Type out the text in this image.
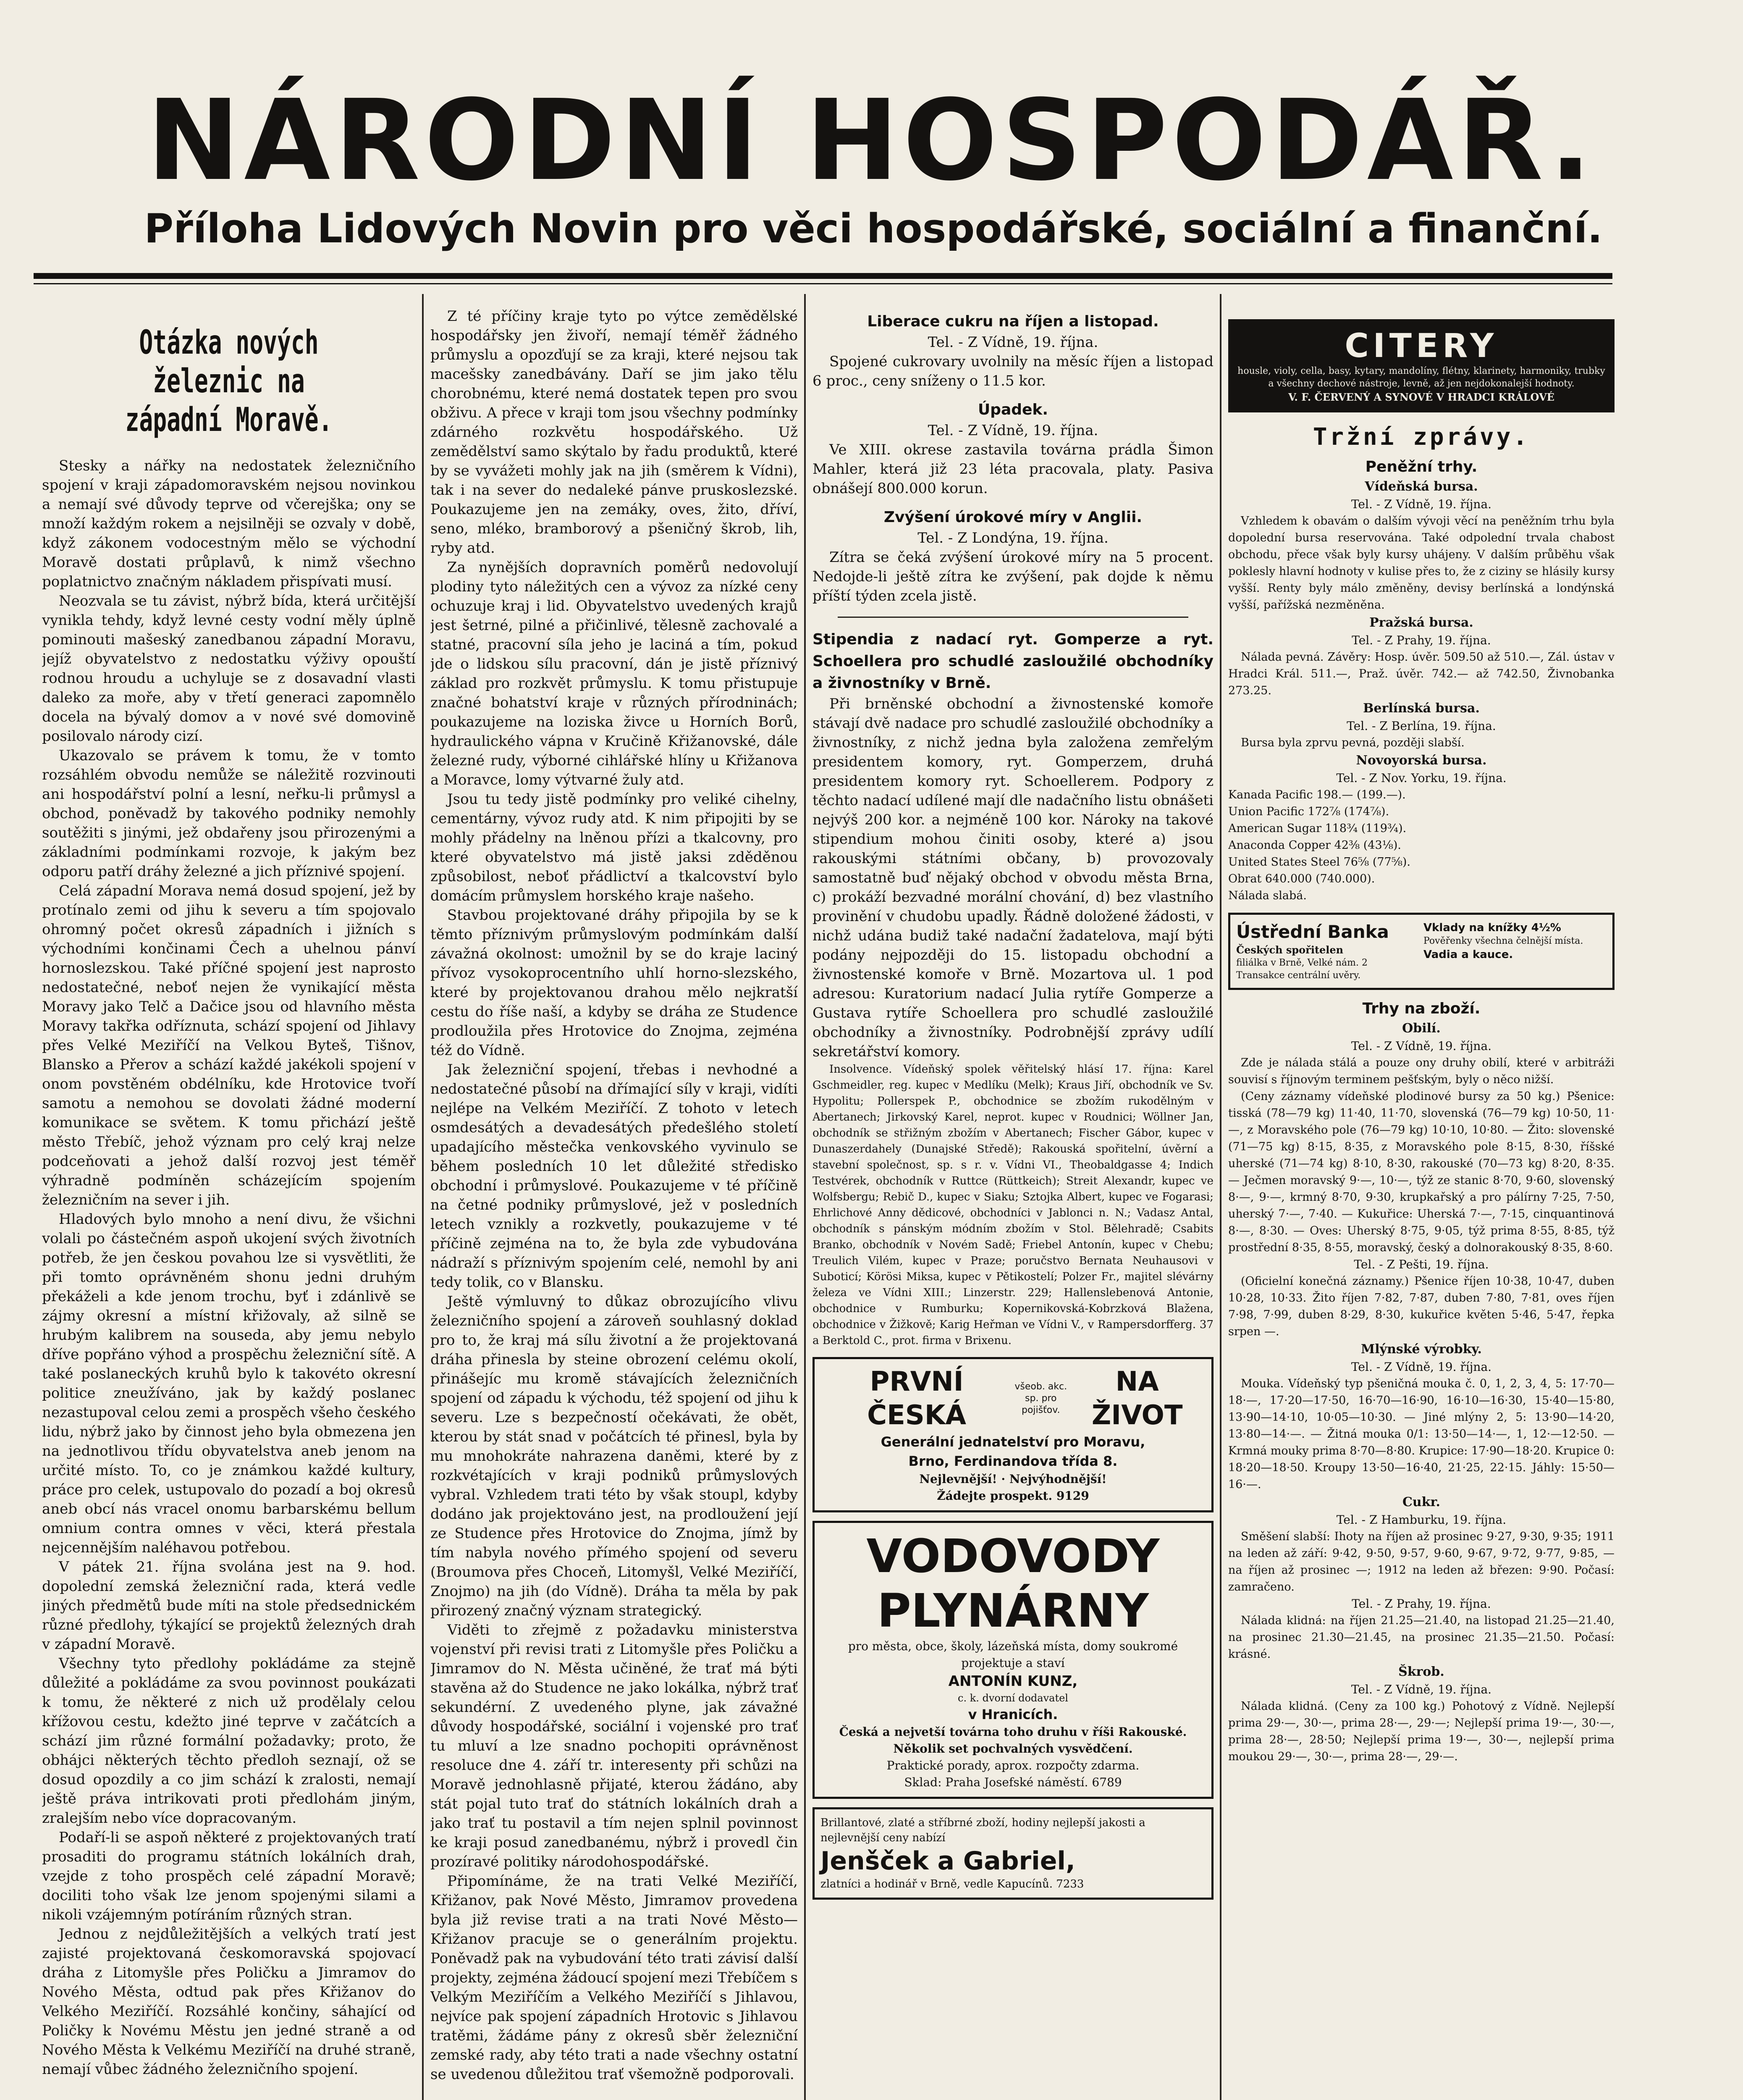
NÁRODNÍ HOSPODÁŘ.
Příloha Lidových Novin pro věci hospodářské, sociální a finanční.
Otázka nových železnic na západní Moravě.

Stesky a nářky na nedostatek železničního spojení v kraji západomoravském nejsou novinkou a nemají své důvody teprve od včerejška; ony se množí každým rokem a nejsilněji se ozvaly v době, když zákonem vodocestným mělo se východní Moravě dostati průplavů, k nimž všechno poplatnictvo značným nákladem přispívati musí.

Neozvala se tu závist, nýbrž bída, která určitější vynikla tehdy, když levné cesty vodní měly úplně pominouti mašeský zanedbanou západní Moravu, jejíž obyvatelstvo z nedostatku výživy opouští rodnou hroudu a uchyluje se z dosavadní vlasti daleko za moře, aby v třetí generaci zapomnělo docela na bývalý domov a v nové své domovině posilovalo národy cizí.

Ukazovalo se právem k tomu, že v tomto rozsáhlém obvodu nemůže se náležitě rozvinouti ani hospodářství polní a lesní, neřku-li průmysl a obchod, poněvadž by takového podniky nemohly soutěžiti s jinými, jež obdařeny jsou přirozenými a základními podmínkami rozvoje, k jakým bez odporu patří dráhy železné a jich příznivé spojení.

Celá západní Morava nemá dosud spojení, jež by protínalo zemi od jihu k severu a tím spojovalo ohromný počet okresů západních i jižních s východními končinami Čech a uhelnou pánví hornoslezskou. Také příčné spojení jest naprosto nedostatečné, neboť nejen že vynikající města Moravy jako Telč a Dačice jsou od hlavního města Moravy takřka odříznuta, schází spojení od Jihlavy přes Velké Meziříčí na Velkou Byteš, Tišnov, Blansko a Přerov a schází každé jakékoli spojení v onom povstěném obdélníku, kde Hrotovice tvoří samotu a nemohou se dovolati žádné moderní komunikace se světem. K tomu přichází ještě město Třebíč, jehož význam pro celý kraj nelze podceňovati a jehož další rozvoj jest téměř výhradně podmíněn scházejícím spojením železničním na sever i jih.

Hladových bylo mnoho a není divu, že všichni volali po částečném aspoň ukojení svých životních potřeb, že jen českou povahou lze si vysvětliti, že při tomto oprávněném shonu jedni druhým překáželi a kde jenom trochu, byť i zdánlivě se zájmy okresní a místní křižovaly, až silně se hrubým kalibrem na souseda, aby jemu nebylo dříve popřáno výhod a prospěchu železniční sítě. A také poslaneckých kruhů bylo k takovéto okresní politice zneužíváno, jak by každý poslanec nezastupoval celou zemi a prospěch všeho českého lidu, nýbrž jako by činnost jeho byla obmezena jen na jednotlivou třídu obyvatelstva aneb jenom na určité místo. To, co je známkou každé kultury, práce pro celek, ustupovalo do pozadí a boj okresů aneb obcí nás vracel onomu barbarskému bellum omnium contra omnes v věci, která přestala nejcennějším naléhavou potřebou.

V pátek 21. října svolána jest na 9. hod. dopolední zemská železniční rada, která vedle jiných předmětů bude míti na stole předsednickém různé předlohy, týkající se projektů železných drah v západní Moravě.

Všechny tyto předlohy pokládáme za stejně důležité a pokládáme za svou povinnost poukázati k tomu, že některé z nich už prodělaly celou křížovou cestu, kdežto jiné teprve v začátcích a schází jim různé formální požadavky; proto, že obhájci některých těchto předloh seznají, ož se dosud opozdily a co jim schází k zralosti, nemají ještě práva intrikovati proti předlohám jiným, zralejším nebo více dopracovaným.

Podaří-li se aspoň některé z projektovaných tratí prosaditi do programu státních lokálních drah, vzejde z toho prospěch celé západní Moravě; dociliti toho však lze jenom spojenými silami a nikoli vzájemným potíráním různých stran.

Jednou z nejdůležitějších a velkých tratí jest zajisté projektovaná českomoravská spojovací dráha z Litomyšle přes Poličku a Jimramov do Nového Města, odtud pak přes Křižanov do Velkého Meziříčí. Rozsáhlé končiny, sáhající od Poličky k Novému Městu jen jedné straně a od Nového Města k Velkému Meziříčí na druhé straně, nemají vůbec žádného železničního spojení.

Z té příčiny kraje tyto po výtce zemědělské hospodářsky jen živoří, nemají téměř žádného průmyslu a opozďují se za kraji, které nejsou tak macešsky zanedbávány. Daří se jim jako tělu chorobnému, které nemá dostatek tepen pro svou obživu. A přece v kraji tom jsou všechny podmínky zdárného rozkvětu hospodářského. Už zemědělství samo skýtalo by řadu produktů, které by se vyvážeti mohly jak na jih (směrem k Vídni), tak i na sever do nedaleké pánve pruskoslezské. Poukazujeme jen na zemáky, oves, žito, dříví, seno, mléko, bramborový a pšeničný škrob, lih, ryby atd.

Za nynějších dopravních poměrů nedovolují plodiny tyto náležitých cen a vývoz za nízké ceny ochuzuje kraj i lid. Obyvatelstvo uvedených krajů jest šetrné, pilné a přičinlivé, tělesně zachovalé a statné, pracovní síla jeho je laciná a tím, pokud jde o lidskou sílu pracovní, dán je jistě příznivý základ pro rozkvět průmyslu. K tomu přistupuje značné bohatství kraje v různých přírodninách; poukazujeme na loziska živce u Horních Borů, hydraulického vápna v Kručině Křižanovské, dále železné rudy, výborné cihlářské hlíny u Křižanova a Moravce, lomy výtvarné žuly atd.

Jsou tu tedy jistě podmínky pro veliké cihelny, cementárny, vývoz rudy atd. K nim připojiti by se mohly přádelny na lněnou přízi a tkalcovny, pro které obyvatelstvo má jistě jaksi zděděnou způsobilost, neboť přádlictví a tkalcovství bylo domácím průmyslem horského kraje našeho.

Stavbou projektované dráhy připojila by se k těmto příznivým průmyslovým podmínkám další závažná okolnost: umožnil by se do kraje laciný přívoz vysokoprocentního uhlí horno-slezského, které by projektovanou drahou mělo nejkratší cestu do říše naší, a kdyby se dráha ze Studence prodloužila přes Hrotovice do Znojma, zejména též do Vídně.

Jak železniční spojení, třebas i nevhodné a nedostatečné působí na dřímající síly v kraji, vidíti nejlépe na Velkém Meziříčí. Z tohoto v letech osmdesátých a devadesátých předešlého století upadajícího městečka venkovského vyvinulo se během posledních 10 let důležité středisko obchodní i průmyslové. Poukazujeme v té příčině na četné podniky průmyslové, jež v posledních letech vznikly a rozkvetly, poukazujeme v té příčině zejména na to, že byla zde vybudována nádraží s příznivým spojením celé, nemohl by ani tedy tolik, co v Blansku.

Ještě výmluvný to důkaz obrozujícího vlivu železničního spojení a zároveň souhlasný doklad pro to, že kraj má sílu životní a že projektovaná dráha přinesla by steine obrození celému okolí, přinášejíc mu kromě stávajících železničních spojení od západu k východu, též spojení od jihu k severu. Lze s bezpečností očekávati, že obět, kterou by stát snad v počátcích té přinesl, byla by mu mnohokráte nahrazena daněmi, které by z rozkvétajících v kraji podniků průmyslových vybral. Vzhledem trati této by však stoupl, kdyby dodáno jak projektováno jest, na prodloužení její ze Studence přes Hrotovice do Znojma, jímž by tím nabyla nového přímého spojení od severu (Broumova přes Choceň, Litomyšl, Velké Meziříčí, Znojmo) na jih (do Vídně). Dráha ta měla by pak přirozený značný význam strategický.

Viděti to zřejmě z požadavku ministerstva vojenství při revisi trati z Litomyšle přes Poličku a Jimramov do N. Města učiněné, že trať má býti stavěna až do Studence ne jako lokálka, nýbrž trať sekundérní. Z uvedeného plyne, jak závažné důvody hospodářské, sociální i vojenské pro trať tu mluví a lze snadno pochopiti oprávněnost resoluce dne 4. září tr. interesenty při schůzi na Moravě jednohlasně přijaté, kterou žádáno, aby stát pojal tuto trať do státních lokálních drah a jako trať tu postavil a tím nejen splnil povinnost ke kraji posud zanedbanému, nýbrž i provedl čin prozíravé politiky národohospodářské.

Připomínáme, že na trati Velké Meziříčí, Křižanov, pak Nové Město, Jimramov provedena byla již revise trati a na trati Nové Město—Křižanov pracuje se o generálním projektu. Poněvadž pak na vybudování této trati závisí další projekty, zejména žádoucí spojení mezi Třebíčem s Velkým Meziříčím a Velkého Meziříčí s Jihlavou, nejvíce pak spojení západních Hrotovic s Jihlavou tratěmi, žádáme pány z okresů sběr železniční zemské rady, aby této trati a nade všechny ostatní se uvedenou důležitou trať všemožně podporovali.

Liberace cukru na říjen a listopad.
Tel. - Z Vídně, 19. října.

Spojené cukrovary uvolnily na měsíc říjen a listopad 6 proc., ceny sníženy o 11.5 kor.

Úpadek.
Tel. - Z Vídně, 19. října.

Ve XIII. okrese zastavila továrna prádla Šimon Mahler, která již 23 léta pracovala, platy. Pasiva obnášejí 800.000 korun.

Zvýšení úrokové míry v Anglii.
Tel. - Z Londýna, 19. října.

Zítra se čeká zvýšení úrokové míry na 5 procent. Nedojde-li ještě zítra ke zvýšení, pak dojde k němu příští týden zcela jistě.

Stipendia z nadací ryt. Gomperze a ryt. Schoellera pro schudlé zasloužilé obchodníky a živnostníky v Brně.

Při brněnské obchodní a živnostenské komoře stávají dvě nadace pro schudlé zasloužilé obchodníky a živnostníky, z nichž jedna byla založena zemřelým presidentem komory, ryt. Gomperzem, druhá presidentem komory ryt. Schoellerem. Podpory z těchto nadací udílené mají dle nadačního listu obnášeti nejvýš 200 kor. a nejméně 100 kor. Nároky na takové stipendium mohou činiti osoby, které a) jsou rakouskými státními občany, b) provozovaly samostatně buď nějaký obchod v obvodu města Brna, c) prokáží bezvadné morální chování, d) bez vlastního provinění v chudobu upadly. Řádně doložené žádosti, v nichž udána budiž také nadační žadatelova, mají býti podány nejpozději do 15. listopadu obchodní a živnostenské komoře v Brně. Mozartova ul. 1 pod adresou: Kuratorium nadací Julia rytíře Gomperze a Gustava rytíře Schoellera pro schudlé zasloužilé obchodníky a živnostníky. Podrobnější zprávy udílí sekretářství komory.

Insolvence. Vídeňský spolek věřitelský hlásí 17. října: Karel Gschmeidler, reg. kupec v Medlíku (Melk); Kraus Jiří, obchodník ve Sv. Hypolitu; Pollerspek P., obchodnice se zbožím rukodělným v Abertanech; Jirkovský Karel, neprot. kupec v Roudnici; Wöllner Jan, obchodník se střižným zbožím v Abertanech; Fischer Gábor, kupec v Dunaszerdahely (Dunajské Středě); Rakouská spořitelní, úvěrní a stavební společnost, sp. s r. v. Vídni VI., Theobaldgasse 4; Indich Testvérek, obchodník v Ruttce (Rüttkeich); Streit Alexandr, kupec ve Wolfsbergu; Rebič D., kupec v Siaku; Sztojka Albert, kupec ve Fogarasi; Ehrlichové Anny dědicové, obchodníci v Jablonci n. N.; Vadasz Antal, obchodník s pánským módním zbožím v Stol. Bělehradě; Csabits Branko, obchodník v Novém Sadě; Friebel Antonín, kupec v Chebu; Treulich Vilém, kupec v Praze; poručstvo Bernata Neuhausovi v Suboticí; Körösi Miksa, kupec v Pětikostelí; Polzer Fr., majitel slévárny železa ve Vídni XIII.; Linzerstr. 229; Hallenslebenová Antonie, obchodnice v Rumburku; Kopernikovská-Kobrzková Blažena, obchodnice v Žižkově; Karig Heřman ve Vídni V., v Rampersdorfferg. 37 a Berktold C., prot. firma v Brixenu.

PRVNÍ ČESKÁ
všeob. akc. sp. pro pojišťov.
NA ŽIVOT
Generální jednatelství pro Moravu,
Brno, Ferdinandova třída 8.
Nejlevnější! · Nejvýhodnější!
Žádejte prospekt. 9129
VODOVODY
PLYNÁRNY
pro města, obce, školy, lázeňská místa, domy soukromé projektuje a staví
ANTONÍN KUNZ,
c. k. dvorní dodavatel
v Hranicích.
Česká a nejvetší továrna toho druhu v říši Rakouské. Několik set pochvalných vysvědčení.
Praktické porady, aprox. rozpočty zdarma.
Sklad: Praha Josefské náměstí. 6789
Brillantové, zlaté a stříbrné zboží, hodiny nejlepší jakosti a nejlevnější ceny nabízí
Jenšček a Gabriel,
zlatníci a hodinář v Brně, vedle Kapucínů. 7233
CITERY
housle, violy, cella, basy, kytary, mandolíny, flétny, klarinety, harmoniky, trubky a všechny dechové nástroje, levně, až jen nejdokonalejší hodnoty.
V. F. ČERVENÝ A SYNOVÉ V HRADCI KRÁLOVÉ
Tržní zprávy.
Peněžní trhy.
Vídeňská bursa.
Tel. - Z Vídně, 19. října.

Vzhledem k obavám o dalším vývoji věcí na peněžním trhu byla dopolední bursa reservována. Také odpolední trvala chabost obchodu, přece však byly kursy uhájeny. V dalším průběhu však poklesly hlavní hodnoty v kulise přes to, že z ciziny se hlásily kursy vyšší. Renty byly málo změněny, devisy berlínská a londýnská vyšší, pařížská nezměněna.

Pražská bursa.
Tel. - Z Prahy, 19. října.

Nálada pevná. Závěry: Hosp. úvěr. 509.50 až 510.—, Zál. ústav v Hradci Král. 511.—, Praž. úvěr. 742.— až 742.50, Živnobanka 273.25.

Berlínská bursa.
Tel. - Z Berlína, 19. října.

Bursa byla zprvu pevná, později slabší.

Novoyorská bursa.
Tel. - Z Nov. Yorku, 19. října.

Kanada Pacific 198.— (199.—).

Union Pacific 172⅞ (174⅞).

American Sugar 118¾ (119¾).

Anaconda Copper 42⅜ (43⅛).

United States Steel 76⅝ (77⅝).

Obrat 640.000 (740.000).

Nálada slabá.

Ústřední Banka
Českých spořitelen
filiálka v Brně, Velké nám. 2
Transakce centrální uvěry.
Vklady na knížky 4½%
Pověřenky všechna čelnější místa.
Vadia a kauce.
Trhy na zboží.
Obilí.
Tel. - Z Vídně, 19. října.

Zde je nálada stálá a pouze ony druhy obilí, které v arbitráži souvisí s říjnovým terminem pešťským, byly o něco nižší.

(Ceny záznamy vídeňské plodinové bursy za 50 kg.) Pšenice: tisská (78—79 kg) 11·40, 11·70, slovenská (76—79 kg) 10·50, 11·—, z Moravského pole (76—79 kg) 10·10, 10·80. — Žito: slovenské (71—75 kg) 8·15, 8·35, z Moravského pole 8·15, 8·30, říšské uherské (71—74 kg) 8·10, 8·30, rakouské (70—73 kg) 8·20, 8·35. — Ječmen moravský 9·—, 10·—, týž ze stanic 8·70, 9·60, slovenský 8·—, 9·—, krmný 8·70, 9·30, krupkařský a pro pálírny 7·25, 7·50, uherský 7·—, 7·40. — Kukuřice: Uherská 7·—, 7·15, cinquantinová 8·—, 8·30. — Oves: Uherský 8·75, 9·05, týž prima 8·55, 8·85, týž prostřední 8·35, 8·55, moravský, český a dolnorakouský 8·35, 8·60.

Tel. - Z Pešti, 19. října.

(Oficielní konečná záznamy.) Pšenice říjen 10·38, 10·47, duben 10·28, 10·33. Žito říjen 7·82, 7·87, duben 7·80, 7·81, oves říjen 7·98, 7·99, duben 8·29, 8·30, kukuřice květen 5·46, 5·47, řepka srpen —.

Mlýnské výrobky.
Tel. - Z Vídně, 19. října.

Mouka. Vídeňský typ pšeničná mouka č. 0, 1, 2, 3, 4, 5: 17·70—18·—, 17·20—17·50, 16·70—16·90, 16·10—16·30, 15·40—15·80, 13·90—14·10, 10·05—10·30. — Jiné mlýny 2, 5: 13·90—14·20, 13·80—14·—. — Žitná mouka 0/1: 13·50—14·—, 1, 12·—12·50. — Krmná mouky prima 8·70—8·80. Krupice: 17·90—18·20. Krupice 0: 18·20—18·50. Kroupy 13·50—16·40, 21·25, 22·15. Jáhly: 15·50—16·—.

Cukr.
Tel. - Z Hamburku, 19. října.

Směšení slabší: Ihoty na říjen až prosinec 9·27, 9·30, 9·35; 1911 na leden až září: 9·42, 9·50, 9·57, 9·60, 9·67, 9·72, 9·77, 9·85, — na říjen až prosinec —; 1912 na leden až březen: 9·90. Počasí: zamračeno.

Tel. - Z Prahy, 19. října.

Nálada klidná: na říjen 21.25—21.40, na listopad 21.25—21.40, na prosinec 21.30—21.45, na prosinec 21.35—21.50. Počasí: krásné.

Škrob.
Tel. - Z Vídně, 19. října.

Nálada klidná. (Ceny za 100 kg.) Pohotový z Vídně. Nejlepší prima 29·—, 30·—, prima 28·—, 29·—; Nejlepší prima 19·—, 30·—, prima 28·—, 28·50; Nejlepší prima 19·—, 30·—, nejlepší prima moukou 29·—, 30·—, prima 28·—, 29·—.
